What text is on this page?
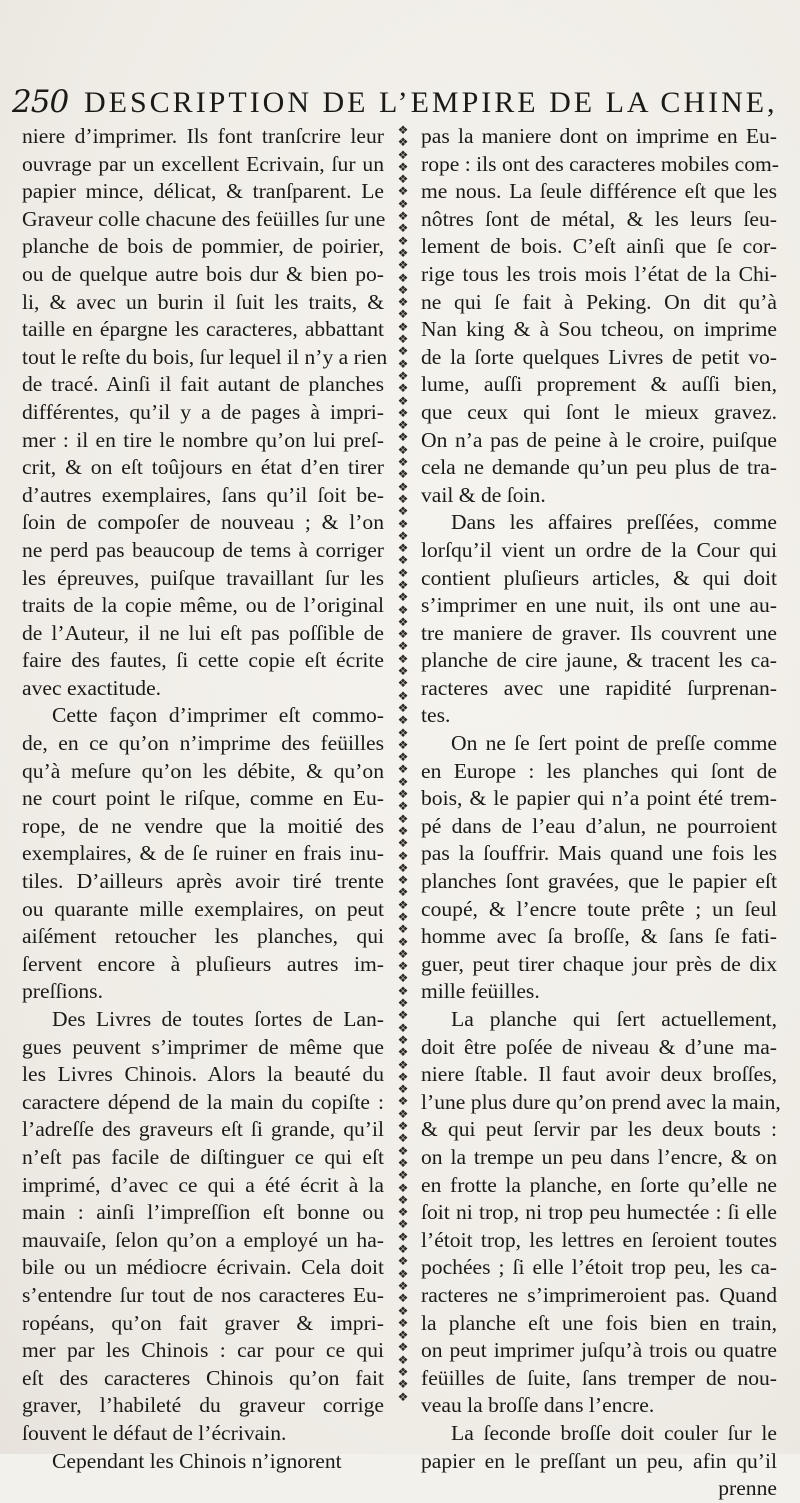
250 DESCRIPTION DE L’EMPIRE DE LA CHINE,
niere d’imprimer. Ils font tranſcrire leur
ouvrage par un excellent Ecrivain, ſur un
papier mince, délicat, & tranſparent. Le
Graveur colle chacune des feüilles ſur une
planche de bois de pommier, de poirier,
ou de quelque autre bois dur & bien po-
li, & avec un burin il ſuit les traits, &
taille en épargne les caracteres, abbattant
tout le reſte du bois, ſur lequel il n’y a rien
de tracé. Ainſi il fait autant de planches
différentes, qu’il y a de pages à impri-
mer : il en tire le nombre qu’on lui preſ-
crit, & on eſt toûjours en état d’en tirer
d’autres exemplaires, ſans qu’il ſoit be-
ſoin de compoſer de nouveau ; & l’on
ne perd pas beaucoup de tems à corriger
les épreuves, puiſque travaillant ſur les
traits de la copie même, ou de l’original
de l’Auteur, il ne lui eſt pas poſſible de
faire des fautes, ſi cette copie eſt écrite
avec exactitude.
Cette façon d’imprimer eſt commo-
de, en ce qu’on n’imprime des feüilles
qu’à meſure qu’on les débite, & qu’on
ne court point le riſque, comme en Eu-
rope, de ne vendre que la moitié des
exemplaires, & de ſe ruiner en frais inu-
tiles. D’ailleurs après avoir tiré trente
ou quarante mille exemplaires, on peut
aiſément retoucher les planches, qui
ſervent encore à pluſieurs autres im-
preſſions.
Des Livres de toutes ſortes de Lan-
gues peuvent s’imprimer de même que
les Livres Chinois. Alors la beauté du
caractere dépend de la main du copiſte :
l’adreſſe des graveurs eſt ſi grande, qu’il
n’eſt pas facile de diſtinguer ce qui eſt
imprimé, d’avec ce qui a été écrit à la
main : ainſi l’impreſſion eſt bonne ou
mauvaiſe, ſelon qu’on a employé un ha-
bile ou un médiocre écrivain. Cela doit
s’entendre ſur tout de nos caracteres Eu-
ropéans, qu’on fait graver & impri-
mer par les Chinois : car pour ce qui
eſt des caracteres Chinois qu’on fait
graver, l’habileté du graveur corrige
ſouvent le défaut de l’écrivain.
Cependant les Chinois n’ignorent
❖
❖
❖
❖
❖
❖
❖
❖
❖
❖
❖
❖
❖
❖
❖
❖
❖
❖
❖
❖
❖
❖
❖
❖
❖
❖
❖
❖
❖
❖
❖
❖
❖
❖
❖
❖
❖
❖
❖
❖
❖
❖
❖
❖
❖
❖
❖
❖
❖
❖
❖
❖
❖
❖
❖
❖
❖
❖
❖
❖
❖
❖
❖
❖
❖
❖
❖
❖
❖
❖
❖
❖
❖
❖
❖
❖
❖
❖
❖
❖
❖
❖
❖
❖
❖
❖
❖
❖
❖
❖
❖
❖
❖
❖
❖
❖
❖
❖
❖
❖
❖
❖
❖
❖
pas la maniere dont on imprime en Eu-
rope : ils ont des caracteres mobiles com-
me nous. La ſeule différence eſt que les
nôtres ſont de métal, & les leurs ſeu-
lement de bois. C’eſt ainſi que ſe cor-
rige tous les trois mois l’état de la Chi-
ne qui ſe fait à Peking. On dit qu’à
Nan king & à Sou tcheou, on imprime
de la ſorte quelques Livres de petit vo-
lume, auſſi proprement & auſſi bien,
que ceux qui ſont le mieux gravez.
On n’a pas de peine à le croire, puiſque
cela ne demande qu’un peu plus de tra-
vail & de ſoin.
Dans les affaires preſſées, comme
lorſqu’il vient un ordre de la Cour qui
contient pluſieurs articles, & qui doit
s’imprimer en une nuit, ils ont une au-
tre maniere de graver. Ils couvrent une
planche de cire jaune, & tracent les ca-
racteres avec une rapidité ſurprenan-
tes.
On ne ſe ſert point de preſſe comme
en Europe : les planches qui ſont de
bois, & le papier qui n’a point été trem-
pé dans de l’eau d’alun, ne pourroient
pas la ſouffrir. Mais quand une fois les
planches ſont gravées, que le papier eſt
coupé, & l’encre toute prête ; un ſeul
homme avec ſa broſſe, & ſans ſe fati-
guer, peut tirer chaque jour près de dix
mille feüilles.
La planche qui ſert actuellement,
doit être poſée de niveau & d’une ma-
niere ſtable. Il faut avoir deux broſſes,
l’une plus dure qu’on prend avec la main,
& qui peut ſervir par les deux bouts :
on la trempe un peu dans l’encre, & on
en frotte la planche, en ſorte qu’elle ne
ſoit ni trop, ni trop peu humectée : ſi elle
l’étoit trop, les lettres en ſeroient toutes
pochées ; ſi elle l’étoit trop peu, les ca-
racteres ne s’imprimeroient pas. Quand
la planche eſt une fois bien en train,
on peut imprimer juſqu’à trois ou quatre
feüilles de ſuite, ſans tremper de nou-
veau la broſſe dans l’encre.
La ſeconde broſſe doit couler ſur le
papier en le preſſant un peu, afin qu’il
prenne
